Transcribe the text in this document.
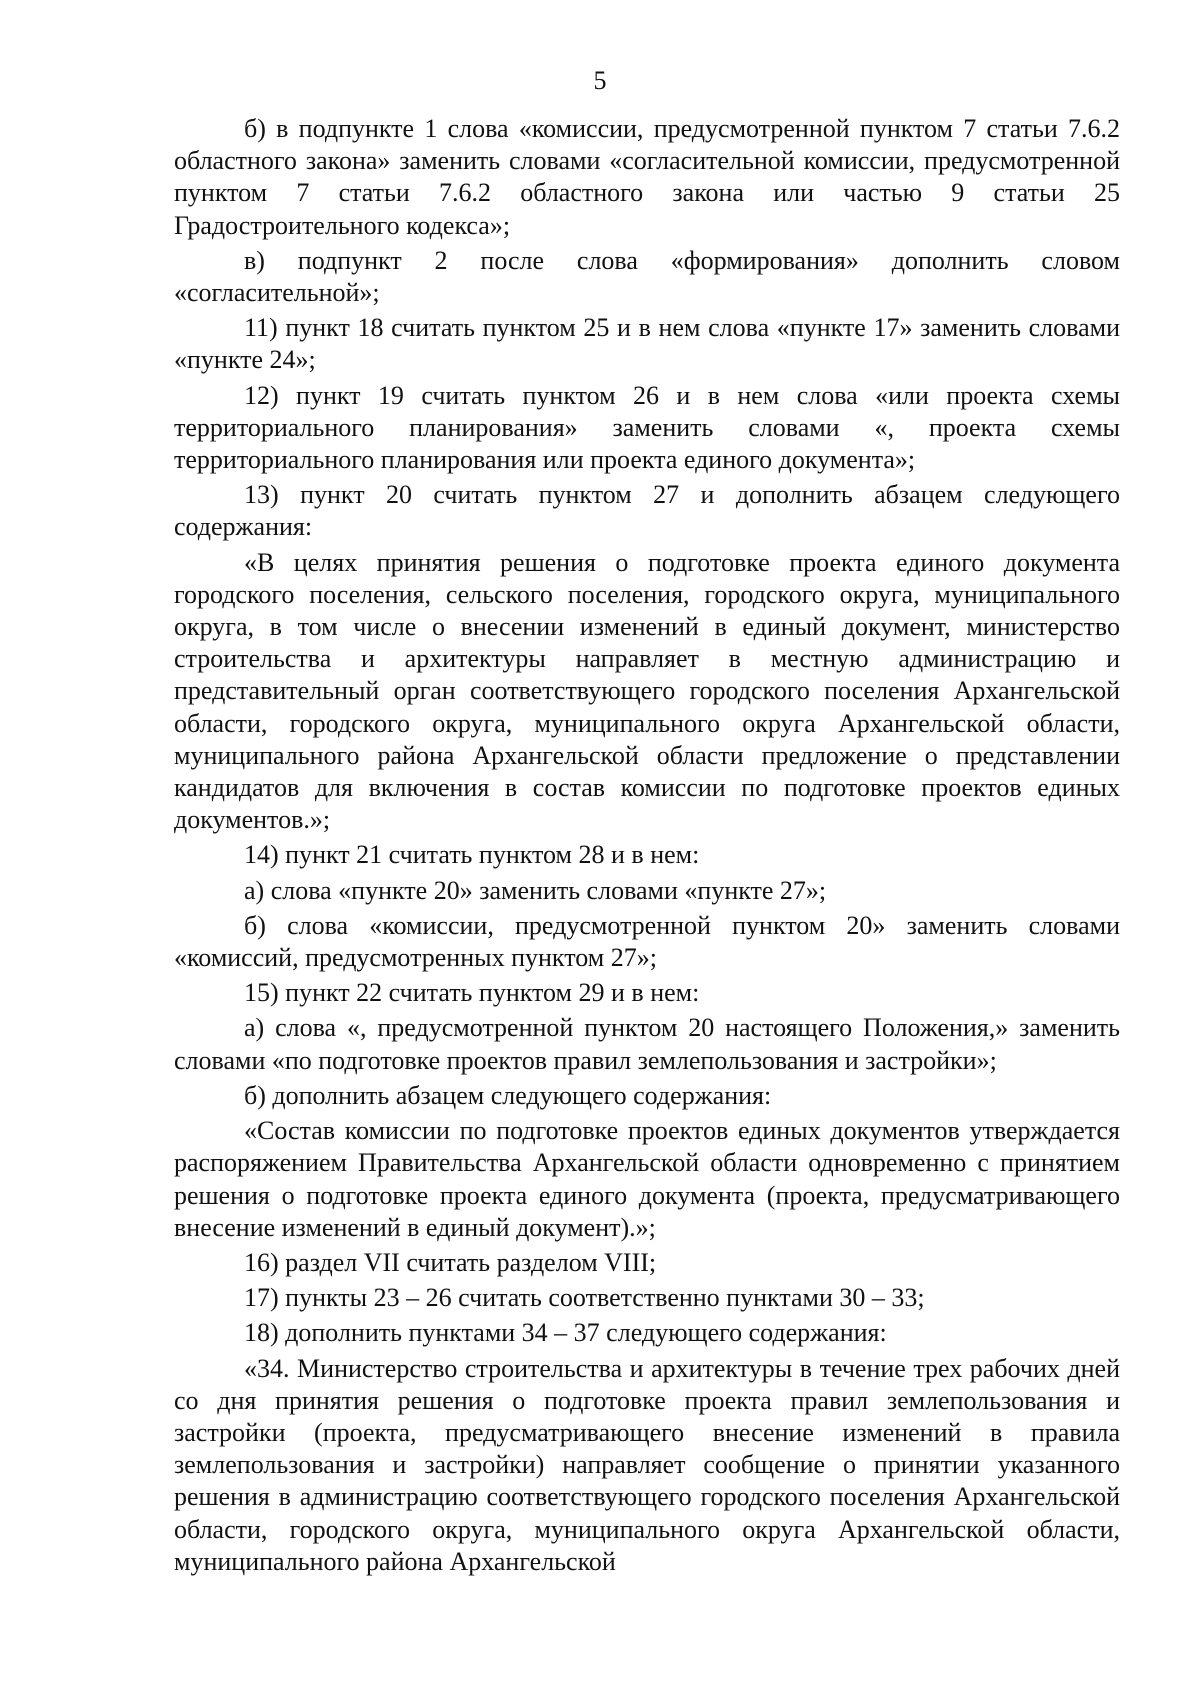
5

б) в подпункте 1 слова «комиссии, предусмотренной пунктом 7 статьи 7.6.2 областного закона» заменить словами «согласительной комиссии, предусмотренной пунктом 7 статьи 7.6.2 областного закона или частью 9 статьи 25 Градостроительного кодекса»;

в) подпункт 2 после слова «формирования» дополнить словом «согласительной»;

11) пункт 18 считать пунктом 25 и в нем слова «пункте 17» заменить словами «пункте 24»;

12) пункт 19 считать пунктом 26 и в нем слова «или проекта схемы территориального планирования» заменить словами «, проекта схемы территориального планирования или проекта единого документа»;

13) пункт 20 считать пунктом 27 и дополнить абзацем следующего содержания:

«В целях принятия решения о подготовке проекта единого документа городского поселения, сельского поселения, городского округа, муниципального округа, в том числе о внесении изменений в единый документ, министерство строительства и архитектуры направляет в местную администрацию и представительный орган соответствующего городского поселения Архангельской области, городского округа, муниципального округа Архангельской области, муниципального района Архангельской области предложение о представлении кандидатов для включения в состав комиссии по подготовке проектов единых документов.»;

14) пункт 21 считать пунктом 28 и в нем:

а) слова «пункте 20» заменить словами «пункте 27»;

б) слова «комиссии, предусмотренной пунктом 20» заменить словами «комиссий, предусмотренных пунктом 27»;

15) пункт 22 считать пунктом 29 и в нем:

а) слова «, предусмотренной пунктом 20 настоящего Положения,» заменить словами «по подготовке проектов правил землепользования и застройки»;

б) дополнить абзацем следующего содержания:

«Состав комиссии по подготовке проектов единых документов утверждается распоряжением Правительства Архангельской области одновременно с принятием решения о подготовке проекта единого документа (проекта, предусматривающего внесение изменений в единый документ).»;

16) раздел VII считать разделом VIII;

17) пункты 23 – 26 считать соответственно пунктами 30 – 33;

18) дополнить пунктами 34 – 37 следующего содержания:

«34. Министерство строительства и архитектуры в течение трех рабочих дней со дня принятия решения о подготовке проекта правил землепользования и застройки (проекта, предусматривающего внесение изменений в правила землепользования и застройки) направляет сообщение о принятии указанного решения в администрацию соответствующего городского поселения Архангельской области, городского округа, муниципального округа Архангельской области, муниципального района Архангельской
